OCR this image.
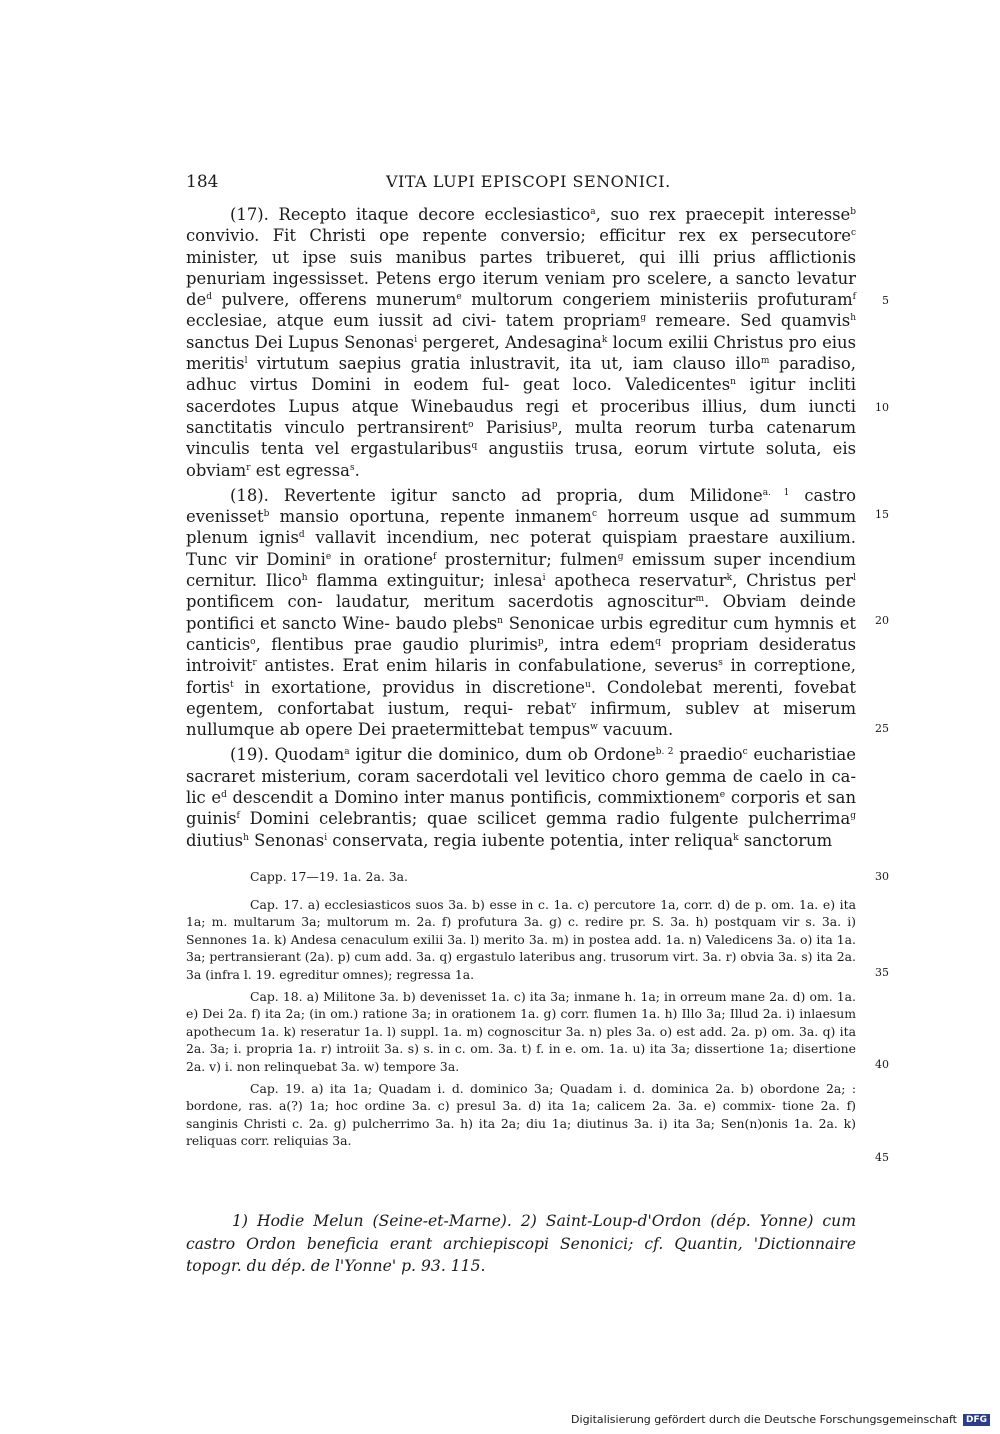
184	VITA LUPI EPISCOPI SENONICI.

(17). Recepto itaque decore ecclesiastico$^a$, suo rex praecepit interesse$^b$ convivio. Fit Christi ope repente conversio; efficitur rex ex persecutore$^c$ minister, ut ipse suis manibus partes tribueret, qui illi prius afflictionis penuriam ingessisset. Petens ergo iterum veniam pro scelere, a sancto levatur $de^d$ pulvere, offerens munerum$^e$ multorum congeriem ministeriis profuturam$^f$ ecclesiae, atque eum iussit ad civi- tatem propriam$^g$ remeare. Sed quamvis$^h$ sanctus Dei Lupus Senonas$^i$ pergeret, Andesagina$^k$ locum exilii Christus pro eius meritis$^l$ virtutum saepius gratia inlustravit, ita ut, iam clauso illo$^m$ paradiso, adhuc virtus Domini in eodem ful- geat loco. Valedicentes$^n$ igitur incliti sacerdotes Lupus atque Winebaudus regi et proceribus illius, dum iuncti sanctitatis vinculo pertransirent$^o$ Parisius$^p$, multa reorum turba catenarum vinculis tenta vel ergastularibus$^q$ angustiis trusa, eorum virtute soluta, eis obviam$^r$ est egressa$^s$.

(18). Revertente igitur sancto ad propria, dum Milidone$^{a. 1}$ castro evenisset$^b$ mansio oportuna, repente inmanem$^c$ horreum usque ad summum plenum ignis$^d$ vallavit incendium, nec poterat quispiam praestare auxilium. Tunc vir Domini$^e$ in oratione$^f$ prosternitur; fulmen$^g$ emissum super incendium cernitur. Ilico$^h$ flamma extinguitur; inlesa$^i$ apotheca reservatur$^k$, Christus per$^l$ pontificem con- laudatur, meritum sacerdotis agnoscitur$^m$. Obviam deinde pontifici et sancto Wine- baudo plebs$^n$ Senonicae urbis egreditur cum hymnis et canticis$^o$, flentibus prae gaudio plurimis$^p$, intra edem$^q$ propriam desideratus introivit$^r$ antistes. Erat enim hilaris in confabulatione, severus$^s$ in correptione, fortis$^t$ in exortatione, providus in discretione$^u$. Condolebat merenti, fovebat egentem, confortabat iustum, requi- rebat$^v$ infirmum, sublev at miserum nullumque ab opere Dei praetermittebat tempus$^w$ vacuum.

(19). Quodam$^a$ igitur die dominico, dum ob Ordone$^{b. 2}$ praedio$^c$ eucharistiae sacraret misterium, coram sacerdotali vel levitico choro gemma de caelo in ca- lic $e^d$ descendit a Domino inter manus pontificis, commixtionem$^e$ corporis et san guinis$^f$ Domini celebrantis; quae scilicet gemma radio fulgente pulcherrima$^g$ diutius$^h$ Senonas$^i$ conservata, regia iubente potentia, inter reliqua$^k$ sanctorum

5
10
15
20
25

Capp. 17—19. 1a. 2a. 3a.

Cap. 17. a) ecclesiasticos suos 3a. b) esse in c. 1a. c) percutore 1a, corr. d) de p. om. 1a. e) ita 1a; m. multarum 3a; multorum m. 2a. f) profutura 3a. g) c. redire pr. S. 3a. h) postquam vir s. 3a. i) Sennones 1a. k) Andesa cenaculum exilii 3a. l) merito 3a. m) in postea add. 1a. n) Valedicens 3a. o) ita 1a. 3a; pertransierant (2a). p) cum add. 3a. q) ergastulo lateribus ang. trusorum virt. 3a. r) obvia 3a. s) ita 2a. 3a (infra l. 19. egreditur omnes); regressa 1a.

Cap. 18. a) Militone 3a. b) devenisset 1a. c) ita 3a; inmane h. 1a; in orreum mane 2a. d) om. 1a. e) Dei 2a. f) ita 2a; (in om.) ratione 3a; in orationem 1a. g) corr. flumen 1a. h) Illo 3a; Illud 2a. i) inlaesum apothecum 1a. k) reseratur 1a. l) suppl. 1a. m) cognoscitur 3a. n) ples 3a. o) est add. 2a. p) om. 3a. q) ita 2a. 3a; i. propria 1a. r) introiit 3a. s) s. in c. om. 3a. t) f. in e. om. 1a. u) ita 3a; dissertione 1a; disertione 2a. v) i. non relinquebat 3a. w) tempore 3a.

Cap. 19. a) ita 1a; Quadam i. d. dominico 3a; Quadam i. d. dominica 2a. b) obordone 2a; : bordone, ras. a(?) 1a; hoc ordine 3a. c) presul 3a. d) ita 1a; calicem 2a. 3a. e) commix- tione 2a. f) sanginis Christi c. 2a. g) pulcherrimo 3a. h) ita 2a; diu 1a; diutinus 3a. i) ita 3a; Sen(n)onis 1a. 2a. k) reliquas corr. reliquias 3a.

30
35
40
45

1) Hodie Melun (Seine-et-Marne). 2) Saint-Loup-d'Ordon (dép. Yonne) cum castro Ordon beneficia erant archiepiscopi Senonici; cf. Quantin, 'Dictionnaire topogr. du dép. de l'Yonne' p. 93. 115.

Digitalisierung gefördert durch die Deutsche Forschungsgemeinschaft	DFG
